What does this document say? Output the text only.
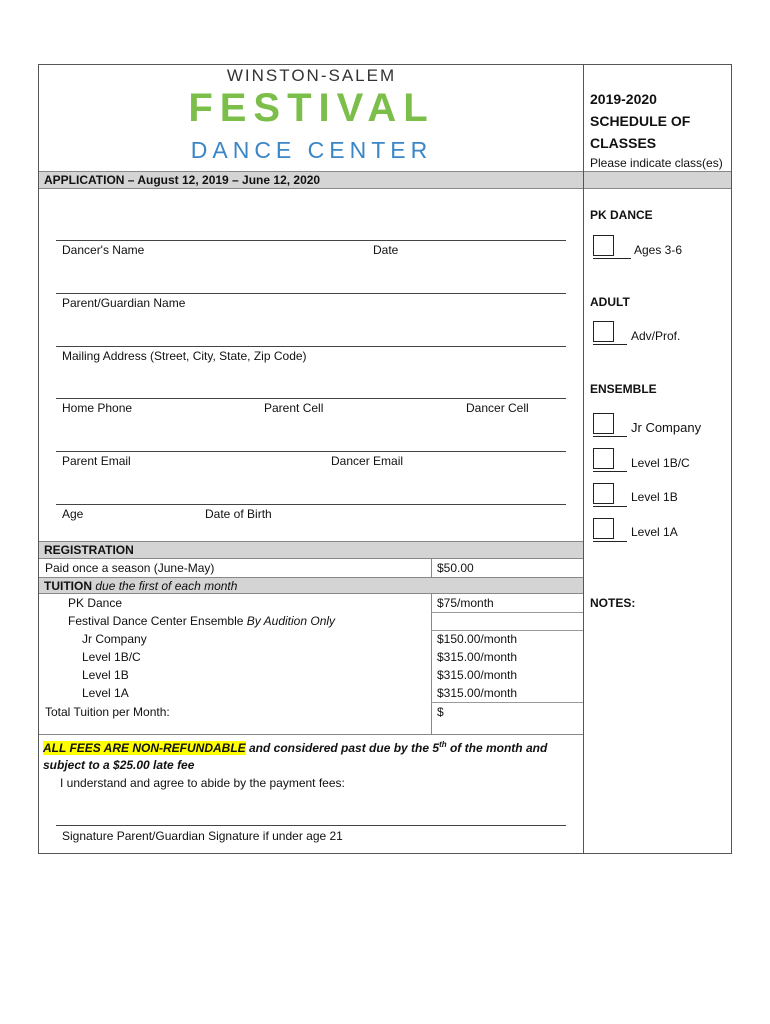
WINSTON-SALEM
FESTIVAL
DANCE CENTER
APPLICATION – August 12, 2019 – June 12, 2020
Dancer's Name	Date
Parent/Guardian Name
Mailing Address (Street, City, State, Zip Code)
Home Phone	Parent Cell	Dancer Cell
Parent Email	Dancer Email
Age	Date of Birth
REGISTRATION
Paid once a season (June-May)	$50.00
TUITION due the first of each month
PK Dance	$75/month
Festival Dance Center Ensemble By Audition Only
Jr Company	$150.00/month
Level 1B/C	$315.00/month
Level 1B	$315.00/month
Level 1A	$315.00/month
Total Tuition per Month:	$
ALL FEES ARE NON-REFUNDABLE and considered past due by the 5th of the month and
subject to a $25.00 late fee
I understand and agree to abide by the payment fees:
Signature Parent/Guardian Signature if under age 21
2019-2020
SCHEDULE OF
CLASSES
Please indicate class(es)
PK DANCE
Ages 3-6
ADULT
Adv/Prof.
ENSEMBLE
Jr Company
Level 1B/C
Level 1B
Level 1A
NOTES:
